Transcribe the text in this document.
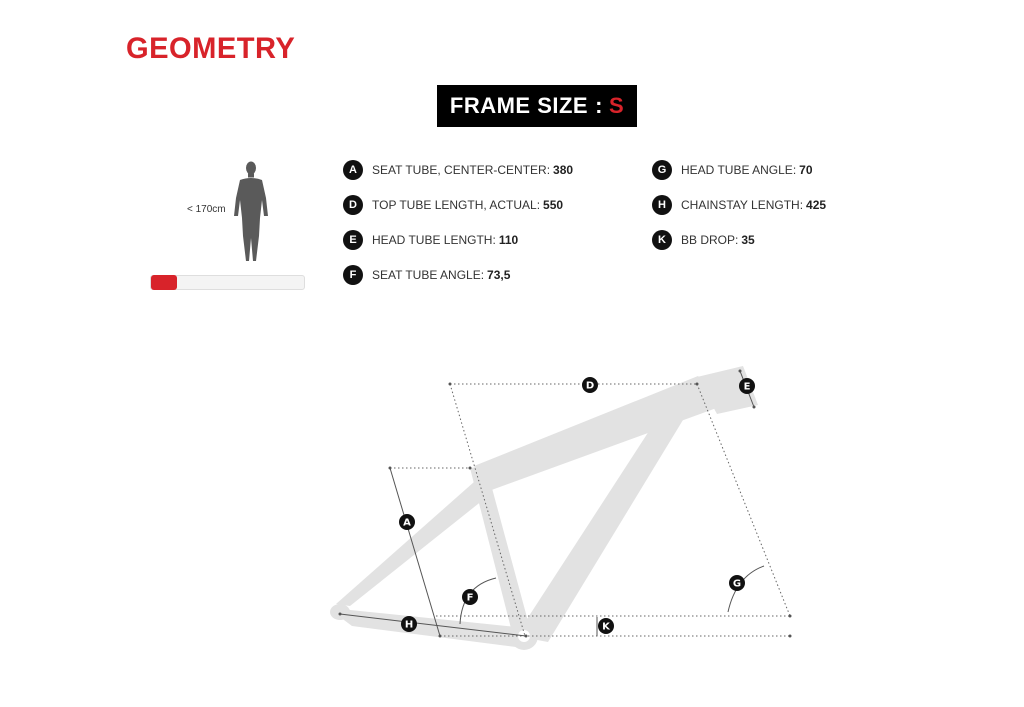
GEOMETRY
FRAME SIZE : S
< 170cm
A	SEAT TUBE, CENTER-CENTER: 380
D	TOP TUBE LENGTH, ACTUAL: 550
E	HEAD TUBE LENGTH: 110
F	SEAT TUBE ANGLE: 73,5
G	HEAD TUBE ANGLE: 70
H	CHAINSTAY LENGTH: 425
K	BB DROP: 35
A
D	E
F
G
H	K
